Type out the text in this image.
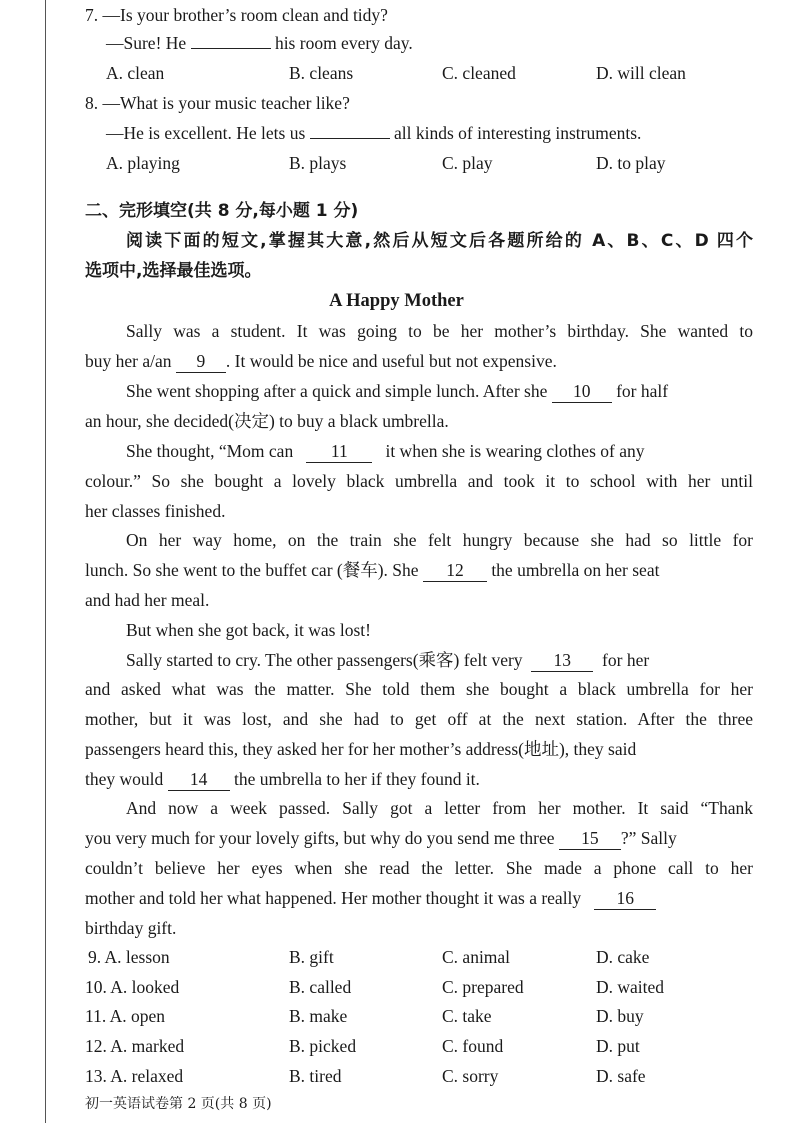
7. —Is your brother’s room clean and tidy?
—Sure! He	his room every day.
A. clean	B. cleans	C. cleaned	D. will clean
8. —What is your music teacher like?
—He is excellent. He lets us	all kinds of interesting instruments.
A. playing	B. plays	C. play	D. to play
二、完形填空(共 8 分,每小题 1 分)
阅读下面的短文,掌握其大意,然后从短文后各题所给的 A、B、C、D 四个
选项中,选择最佳选项。
A Happy Mother
Sally was a student. It was going to be her mother’s birthday. She wanted to
buy her a/an 9 . It would be nice and useful but not expensive.
She went shopping after a quick and simple lunch. After she 10 for half
an hour, she decided(决定) to buy a black umbrella.
She thought, “Mom can 11 it when she is wearing clothes of any
colour.” So she bought a lovely black umbrella and took it to school with her until
her classes finished.
On her way home, on the train she felt hungry because she had so little for
lunch. So she went to the buffet car (餐车). She 12 the umbrella on her seat
and had her meal.
But when she got back, it was lost!
Sally started to cry. The other passengers(乘客) felt very 13 for her
and asked what was the matter. She told them she bought a black umbrella for her
mother, but it was lost, and she had to get off at the next station. After the three
passengers heard this, they asked her for her mother’s address(地址), they said
they would 14 the umbrella to her if they found it.
And now a week passed. Sally got a letter from her mother. It said “Thank
you very much for your lovely gifts, but why do you send me three 15 ?” Sally
couldn’t believe her eyes when she read the letter. She made a phone call to her
mother and told her what happened. Her mother thought it was a really 16
birthday gift.
9. A. lesson	B. gift	C. animal	D. cake
10. A. looked	B. called	C. prepared	D. waited
11. A. open	B. make	C. take	D. buy
12. A. marked	B. picked	C. found	D. put
13. A. relaxed	B. tired	C. sorry	D. safe
初一英语试卷第 2 页(共 8 页)
